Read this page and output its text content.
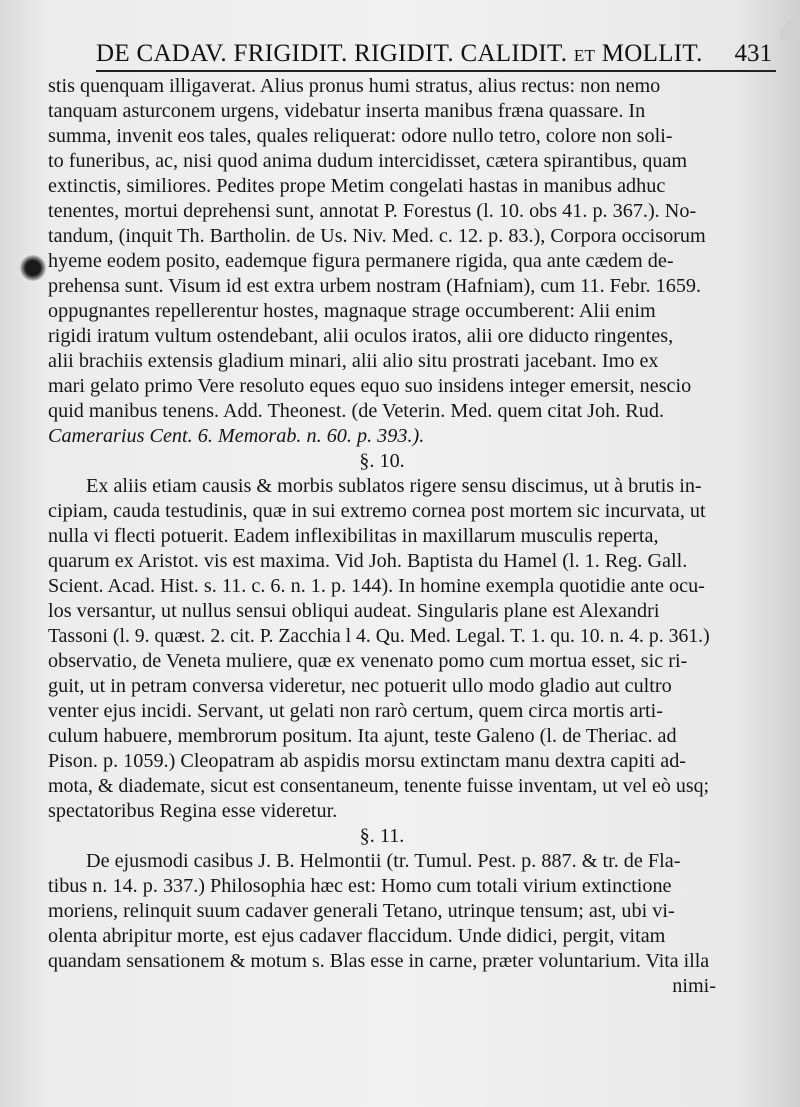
DE CADAV. FRIGIDIT. RIGIDIT. CALIDIT. ET MOLLIT. 431
stis quenquam illigaverat. Alius pronus humi stratus, alius rectus: non nemo
tanquam asturconem urgens, videbatur inserta manibus fræna quassare. In
summa, invenit eos tales, quales reliquerat: odore nullo tetro, colore non soli-
to funeribus, ac, nisi quod anima dudum intercidisset, cætera spirantibus, quam
extinctis, similiores. Pedites prope Metim congelati hastas in manibus adhuc
tenentes, mortui deprehensi sunt, annotat P. Forestus (l. 10. obs 41. p. 367.). No-
tandum, (inquit Th. Bartholin. de Us. Niv. Med. c. 12. p. 83.), Corpora occisorum
hyeme eodem posito, eademque figura permanere rigida, qua ante cædem de-
prehensa sunt. Visum id est extra urbem nostram (Hafniam), cum 11. Febr. 1659.
oppugnantes repellerentur hostes, magnaque strage occumberent: Alii enim
rigidi iratum vultum ostendebant, alii oculos iratos, alii ore diducto ringentes,
alii brachiis extensis gladium minari, alii alio situ prostrati jacebant. Imo ex
mari gelato primo Vere resoluto eques equo suo insidens integer emersit, nescio
quid manibus tenens. Add. Theonest. (de Veterin. Med. quem citat Joh. Rud.
Camerarius Cent. 6. Memorab. n. 60. p. 393.).
§. 10.
Ex aliis etiam causis & morbis sublatos rigere sensu discimus, ut à brutis in-
cipiam, cauda testudinis, quæ in sui extremo cornea post mortem sic incurvata, ut
nulla vi flecti potuerit. Eadem inflexibilitas in maxillarum musculis reperta,
quarum ex Aristot. vis est maxima. Vid Joh. Baptista du Hamel (l. 1. Reg. Gall.
Scient. Acad. Hist. s. 11. c. 6. n. 1. p. 144). In homine exempla quotidie ante ocu-
los versantur, ut nullus sensui obliqui audeat. Singularis plane est Alexandri
Tassoni (l. 9. quæst. 2. cit. P. Zacchia l 4. Qu. Med. Legal. T. 1. qu. 10. n. 4. p. 361.)
observatio, de Veneta muliere, quæ ex venenato pomo cum mortua esset, sic ri-
guit, ut in petram conversa videretur, nec potuerit ullo modo gladio aut cultro
venter ejus incidi. Servant, ut gelati non rarò certum, quem circa mortis arti-
culum habuere, membrorum positum. Ita ajunt, teste Galeno (l. de Theriac. ad
Pison. p. 1059.) Cleopatram ab aspidis morsu extinctam manu dextra capiti ad-
mota, & diademate, sicut est consentaneum, tenente fuisse inventam, ut vel eò usq;
spectatoribus Regina esse videretur.
§. 11.
De ejusmodi casibus J. B. Helmontii (tr. Tumul. Pest. p. 887. & tr. de Fla-
tibus n. 14. p. 337.) Philosophia hæc est: Homo cum totali virium extinctione
moriens, relinquit suum cadaver generali Tetano, utrinque tensum; ast, ubi vi-
olenta abripitur morte, est ejus cadaver flaccidum. Unde didici, pergit, vitam
quandam sensationem & motum s. Blas esse in carne, præter voluntarium. Vita illa
nimi-
